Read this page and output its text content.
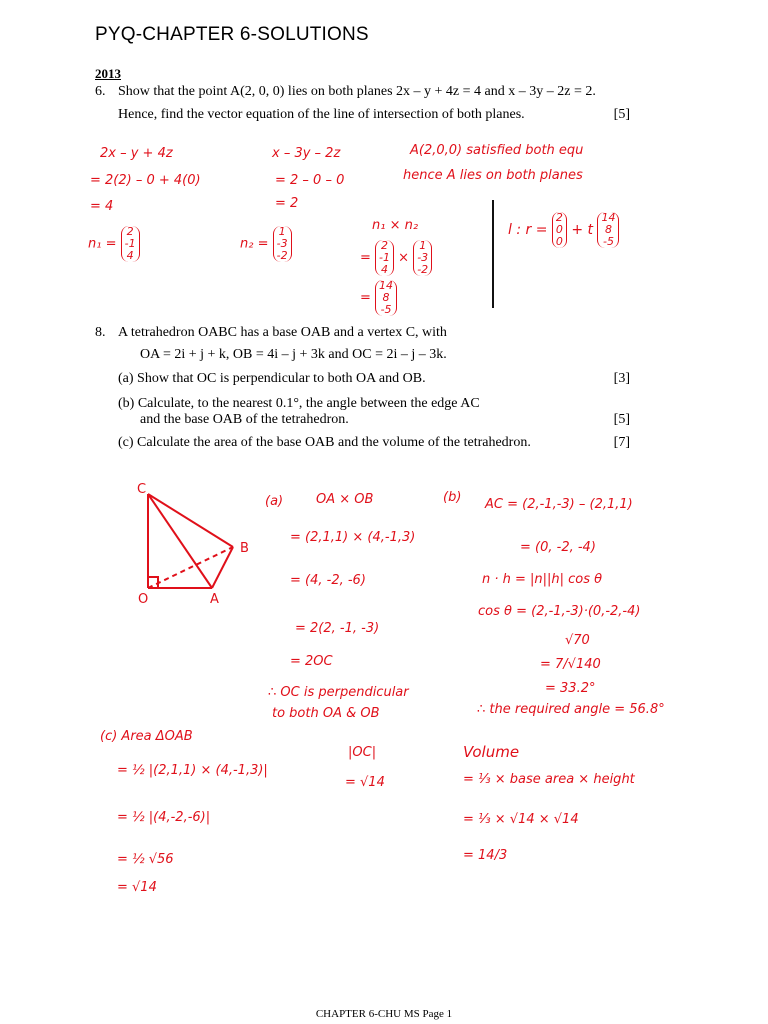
PYQ-CHAPTER 6-SOLUTIONS
2013
6. Show that the point A(2, 0, 0) lies on both planes 2x – y + 4z = 4 and x – 3y – 2z = 2.
Hence, find the vector equation of the line of intersection of both planes.	[5]
2x – y + 4z
= 2(2) – 0 + 4(0)
= 4
x – 3y – 2z
= 2 – 0 – 0
= 2
A(2,0,0) satisfied both equ
hence A lies on both planes
n₁ =
2
-1
4
n₂ =
1
-3
-2
n₁ × n₂
=
2
-1
4
×
1
-3
-2
=
14
8
-5
l : r =
2
0
0
+ t
14
8
-5
8. A tetrahedron OABC has a base OAB and a vertex C, with
OA = 2i + j + k, OB = 4i – j + 3k and OC = 2i – j – 3k.
(a) Show that OC is perpendicular to both OA and OB.	[3]
(b) Calculate, to the nearest 0.1°, the angle between the edge AC
and the base OAB of the tetrahedron.	[5]
(c) Calculate the area of the base OAB and the volume of the tetrahedron.	[7]
C
B
O	A
(a)	OA × OB
= (2,1,1) × (4,-1,3)
= (4, -2, -6)
= 2(2, -1, -3)
= 2OC
∴ OC is perpendicular
to both OA & OB
(b) AC = (2,-1,-3) – (2,1,1)
= (0, -2, -4)
n · h = |n||h| cos θ
cos θ = (2,-1,-3)·(0,-2,-4)
√70
= 7/√140
= 33.2°
∴ the required angle = 56.8°
(c) Area ΔOAB
= ½ |(2,1,1) × (4,-1,3)|
= ½ |(4,-2,-6)|
= ½ √56
= √14
|OC|
= √14
Volume
= ⅓ × base area × height
= ⅓ × √14 × √14
= 14/3
CHAPTER 6-CHU MS Page 1
